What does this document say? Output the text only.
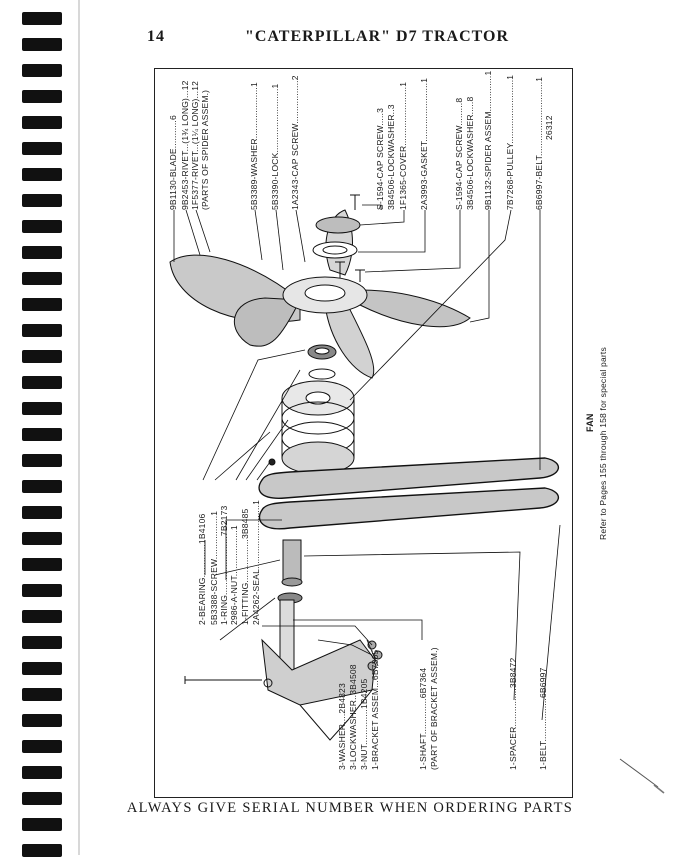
14	"CATERPILLAR" D7 TRACTOR
9B1130-BLADE...........6 9B2453-RIVET...(1¾ LONG)...12 1F5377-RIVET...(1¼ LONG)...12 (PARTS OF SPIDER ASSEM.)	5B3389-WASHER....................1 5B3390-LOCK.........................1 1A2343-CAP SCREW.................2	S-1594-CAP SCREW.....3 3B4506-LOCKWASHER..3 1F1365-COVER.......................1 2A3993-GASKET.......................1	S-1594-CAP SCREW.........8 3B4506-LOCKWASHER.....8 9B1132-SPIDER ASSEM..............1 7B7268-PULLEY.........................1 6B6997-BELT.............................1 26312
2-BEARING.............1B4106 5B3388-SCREW.................1 1-RING.......................7B2173 2986-A-NUT..................1 1-FITTING.................3B8485 2A4262-SEAL.........................1
3-WASHER....2B4823 3-LOCKWASHER..3B4508 3-NUT..............1B4205 1-BRACKET ASSEM...6B7365	1-SHAFT..............6B7364 (PART OF BRACKET ASSEM.)	1-SPACER...............3B8472 1-BELT.................6B6997
FAN Refer to Pages 155 through 158 for special parts
ALWAYS GIVE SERIAL NUMBER WHEN ORDERING PARTS
